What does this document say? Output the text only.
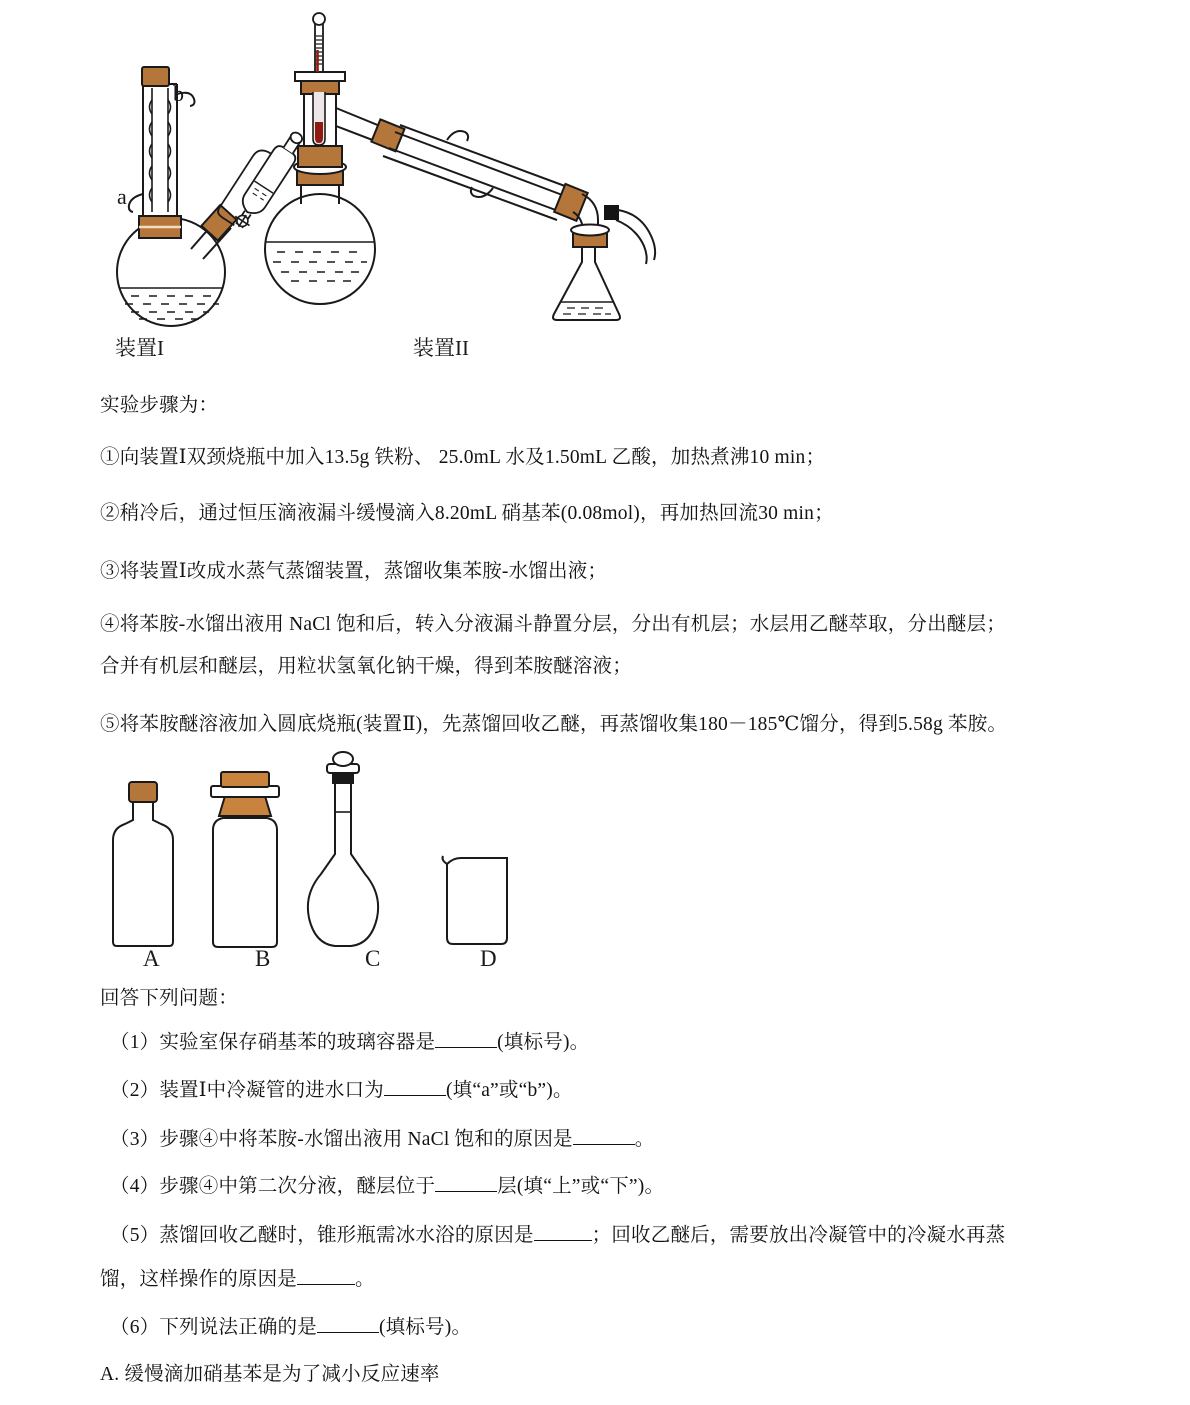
a
b
装置I	装置II
实验步骤为：
①向装置Ⅰ双颈烧瓶中加入13.5g 铁粉、 25.0mL 水及1.50mL 乙酸，加热煮沸10 min；
②稍冷后，通过恒压滴液漏斗缓慢滴入8.20mL 硝基苯(0.08mol)，再加热回流30 min；
③将装置Ⅰ改成水蒸气蒸馏装置，蒸馏收集苯胺-水馏出液；
④将苯胺-水馏出液用 NaCl 饱和后，转入分液漏斗静置分层，分出有机层；水层用乙醚萃取，分出醚层；
合并有机层和醚层，用粒状氢氧化钠干燥，得到苯胺醚溶液；
⑤将苯胺醚溶液加入圆底烧瓶(装置Ⅱ)，先蒸馏回收乙醚，再蒸馏收集180－185℃馏分，得到5.58g 苯胺。
A	B	C	D
回答下列问题：
（1）实验室保存硝基苯的玻璃容器是	(填标号)。
（2）装置Ⅰ中冷凝管的进水口为	(填“a”或“b”)。
（3）步骤④中将苯胺-水馏出液用 NaCl 饱和的原因是	。
（4）步骤④中第二次分液，醚层位于	层(填“上”或“下”)。
（5）蒸馏回收乙醚时，锥形瓶需冰水浴的原因是	；回收乙醚后，需要放出冷凝管中的冷凝水再蒸
馏，这样操作的原因是	。
（6）下列说法正确的是	(填标号)。
A. 缓慢滴加硝基苯是为了减小反应速率
